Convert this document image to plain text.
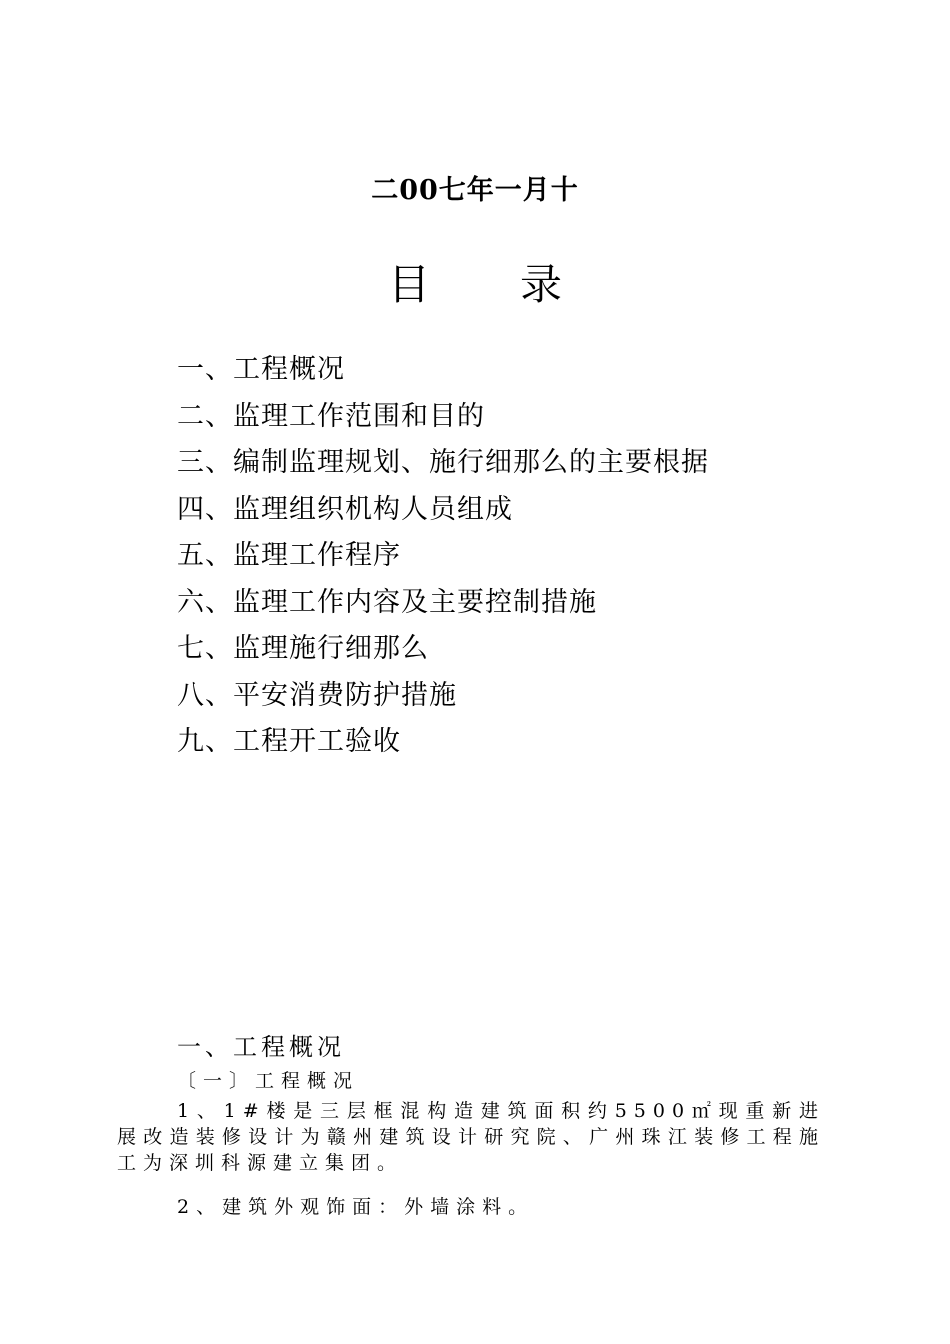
二00七年一月十
目 录
一、工程概况
二、监理工作范围和目的
三、编制监理规划、施行细那么的主要根据
四、监理组织机构人员组成
五、监理工作程序
六、监理工作内容及主要控制措施
七、监理施行细那么
八、平安消费防护措施
九、工程开工验收
一、工程概况
〔一〕工程概况
1、1#楼是三层框混构造建筑面积约5500㎡现重新进展改造装修设计为赣州建筑设计研究院、广州珠江装修工程施工为深圳科源建立集团。
2、建筑外观饰面：外墙涂料。
